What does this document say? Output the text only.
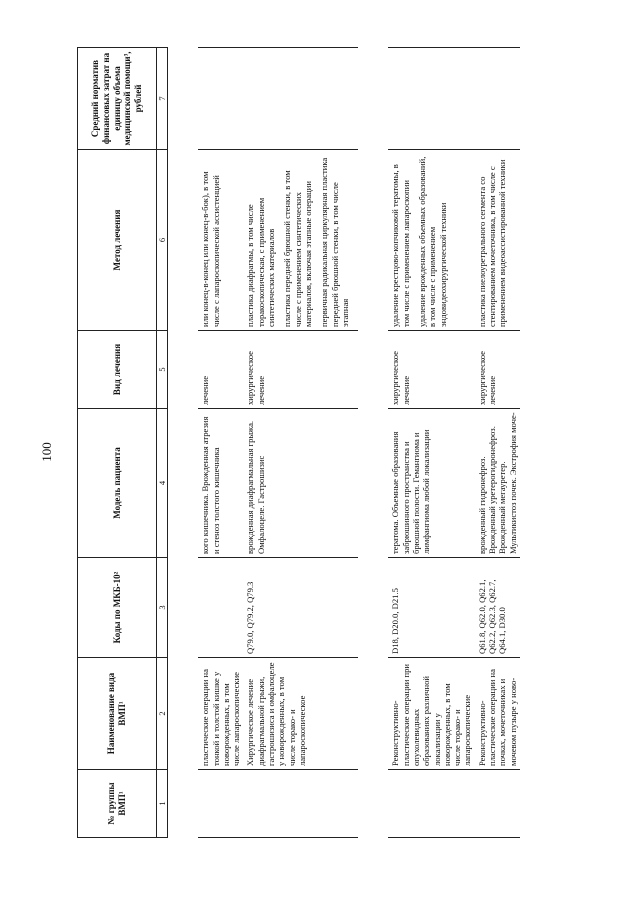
100
№ группы ВМП¹	Наименование вида ВМП¹	Коды по МКБ-10²	Модель пациента	Вид лечения	Метод лечения	Средний норматив финансовых затрат на единицу объема медицинской помощи³, рублей
1	2	3	4	5	6	7

	пластические операции на тонкой и толстой кишке у новорожденных, в том числе лапароскопические		кого кишечника. Врожденная атрезия и стеноз толстого кишечника	лечение	или конец-в-конец или конец-в-бок), в том числе с лапароскопической ассистенцией	

	Хирургическое лечение диафрагмальной грыжи, гастрошизиса и омфалоцеле у новорожденных, в том числе торако- и лапароскопическое	Q79.0, Q79.2, Q79.3	врожденная диафрагмальная грыжа. Омфалоцеле. Гастрошизис	хирургическое лечение	пластика диафрагмы, в том числе торакоскопическая, с применением синтетических материалов пластика передней брюшной стенки, в том числе с применением синтетических материалов, включая этапные операции первичная радикальная циркулярная пластика передней брюшной стенки, в том числе этапная	

	Реконструктивно-пластические операции при опухолевидных образованиях различной локализации у новорожденных, в том числе торако- и лапароскопические	D18, D20.0, D21.5	тератома. Объемные образования забрюшинного пространства и брюшной полости. Гемангиома и лимфангиома любой локализации	хирургическое лечение	удаление крестцово-копчиковой тератомы, в том числе с применением лапароскопии удаление врожденных объемных образований, в том числе с применением эндовидеохирургической техники	

	Реконструктивно-пластические операции на почках, мочеточниках и мочевом пузыре у ново-	Q61.8, Q62.0, Q62.1, Q62.2, Q62.3, Q62.7, Q64.1, D30.0	врожденный гидронефроз. Врожденный уретерогидронефроз. Врожденный мегауретер. Мультикистоз почек. Экстрофия моче-	хирургическое лечение	пластика пиелоуретрального сегмента со стентированием мочеточника, в том числе с применением видеоассистированной техники	
